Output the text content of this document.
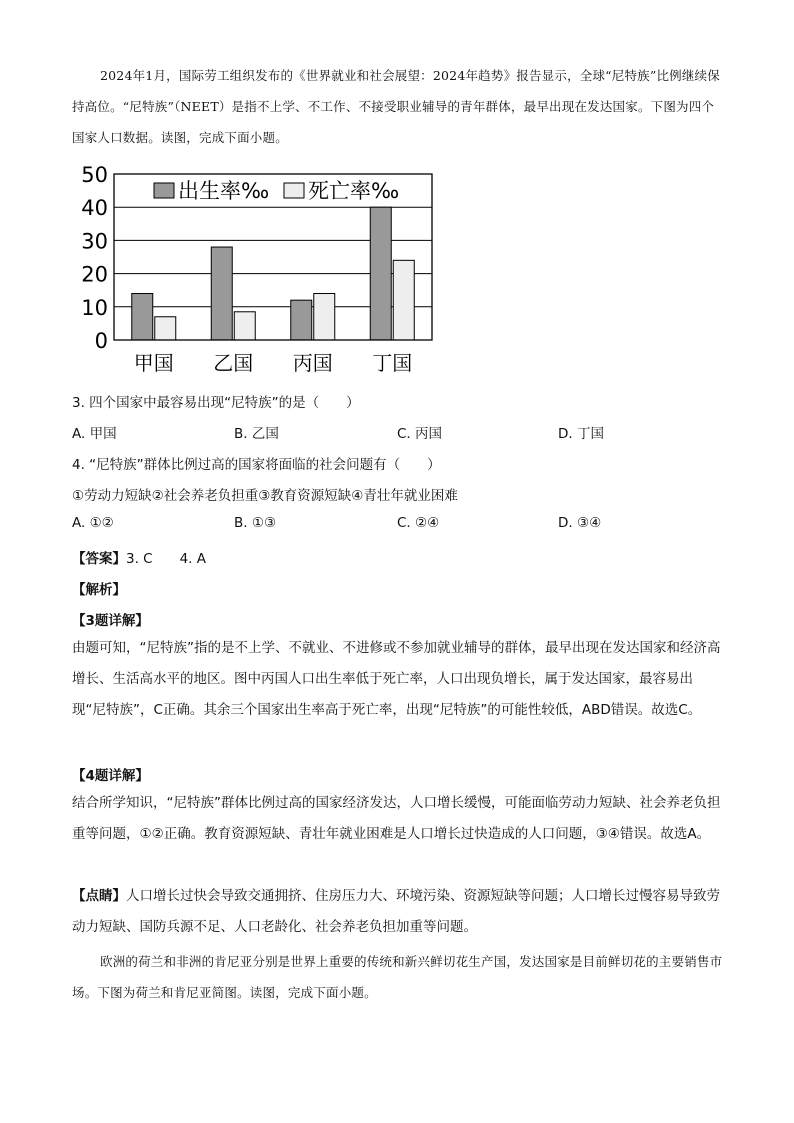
2024年1月，国际劳工组织发布的《世界就业和社会展望：2024年趋势》报告显示，全球“尼特族”比例继续保持高位。“尼特族”（NEET）是指不上学、不工作、不接受职业辅导的青年群体，最早出现在发达国家。下图为四个国家人口数据。读图，完成下面小题。
0
10
20
30
40
50
出生率‰ 死亡率‰
甲国 乙国 丙国 丁国
3. 四个国家中最容易出现“尼特族”的是（　　）
A. 甲国	B. 乙国	C. 丙国	D. 丁国
4. “尼特族”群体比例过高的国家将面临的社会问题有（　　）
①劳动力短缺②社会养老负担重③教育资源短缺④青壮年就业困难
A. ①②	B. ①③	C. ②④	D. ③④
【答案】3. C　　4. A
【解析】
【3题详解】
由题可知，“尼特族”指的是不上学、不就业、不进修或不参加就业辅导的群体，最早出现在发达国家和经济高增长、生活高水平的地区。图中丙国人口出生率低于死亡率，人口出现负增长，属于发达国家，最容易出现“尼特族”，C正确。其余三个国家出生率高于死亡率，出现“尼特族”的可能性较低，ABD错误。故选C。
【4题详解】
结合所学知识，“尼特族”群体比例过高的国家经济发达，人口增长缓慢，可能面临劳动力短缺、社会养老负担重等问题，①②正确。教育资源短缺、青壮年就业困难是人口增长过快造成的人口问题，③④错误。故选A。
【点睛】人口增长过快会导致交通拥挤、住房压力大、环境污染、资源短缺等问题；人口增长过慢容易导致劳动力短缺、国防兵源不足、人口老龄化、社会养老负担加重等问题。
欧洲的荷兰和非洲的肯尼亚分别是世界上重要的传统和新兴鲜切花生产国，发达国家是目前鲜切花的主要销售市场。下图为荷兰和肯尼亚简图。读图，完成下面小题。
